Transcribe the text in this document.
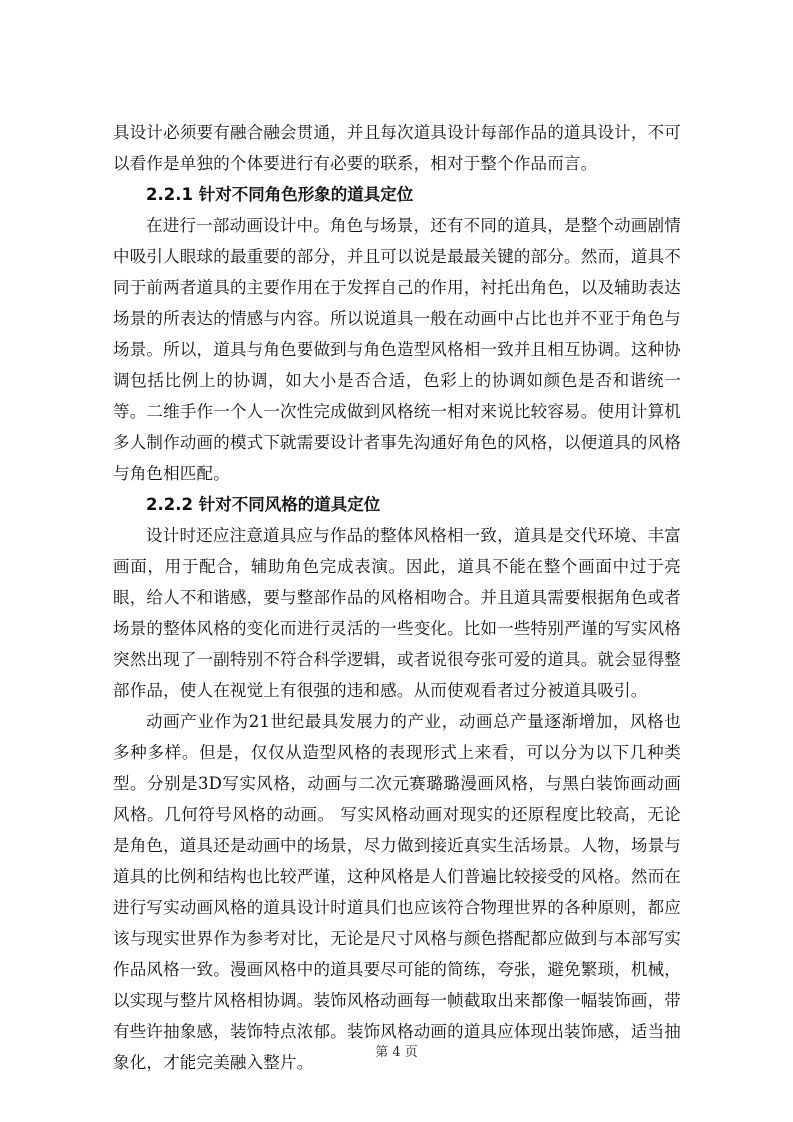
具设计必须要有融合融会贯通，并且每次道具设计每部作品的道具设计，不可以看作是单独的个体要进行有必要的联系，相对于整个作品而言。

2.2.1 针对不同角色形象的道具定位

在进行一部动画设计中。角色与场景，还有不同的道具，是整个动画剧情中吸引人眼球的最重要的部分，并且可以说是最最关键的部分。然而，道具不同于前两者道具的主要作用在于发挥自己的作用，衬托出角色，以及辅助表达场景的所表达的情感与内容。所以说道具一般在动画中占比也并不亚于角色与场景。所以，道具与角色要做到与角色造型风格相一致并且相互协调。这种协调包括比例上的协调，如大小是否合适，色彩上的协调如颜色是否和谐统一等。二维手作一个人一次性完成做到风格统一相对来说比较容易。使用计算机多人制作动画的模式下就需要设计者事先沟通好角色的风格，以便道具的风格与角色相匹配。

2.2.2 针对不同风格的道具定位

设计时还应注意道具应与作品的整体风格相一致，道具是交代环境、丰富画面，用于配合，辅助角色完成表演。因此，道具不能在整个画面中过于亮眼，给人不和谐感，要与整部作品的风格相吻合。并且道具需要根据角色或者场景的整体风格的变化而进行灵活的一些变化。比如一些特别严谨的写实风格突然出现了一副特别不符合科学逻辑，或者说很夸张可爱的道具。就会显得整部作品，使人在视觉上有很强的违和感。从而使观看者过分被道具吸引。

动画产业作为21世纪最具发展力的产业，动画总产量逐渐增加，风格也多种多样。但是，仅仅从造型风格的表现形式上来看，可以分为以下几种类型。分别是3D写实风格，动画与二次元赛璐璐漫画风格，与黑白装饰画动画风格。几何符号风格的动画。 写实风格动画对现实的还原程度比较高，无论是角色，道具还是动画中的场景，尽力做到接近真实生活场景。人物，场景与道具的比例和结构也比较严谨，这种风格是人们普遍比较接受的风格。然而在进行写实动画风格的道具设计时道具们也应该符合物理世界的各种原则，都应该与现实世界作为参考对比，无论是尺寸风格与颜色搭配都应做到与本部写实作品风格一致。漫画风格中的道具要尽可能的简练，夸张，避免繁琐，机械，以实现与整片风格相协调。装饰风格动画每一帧截取出来都像一幅装饰画，带有些许抽象感，装饰特点浓郁。装饰风格动画的道具应体现出装饰感，适当抽象化，才能完美融入整片。

第 4 页
